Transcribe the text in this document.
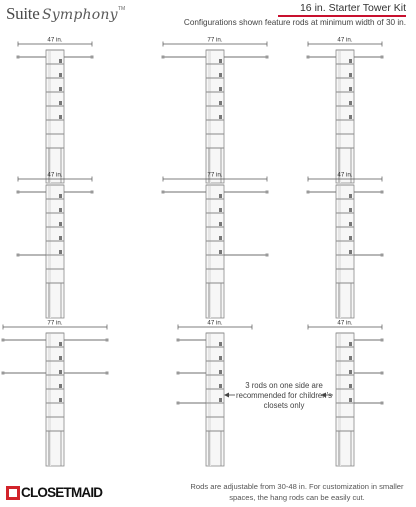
Suite Symphony TM	16 in. Starter Tower Kit
Configurations shown feature rods at minimum width of 30 in.
47 in.	77 in.	47 in.
47 in.	77 in.	47 in.
77 in.	47 in.	47 in.
3 rods on one side are recommended for children's closets only
CLOSETMAID	Rods are adjustable from 30-48 in. For customization in smaller spaces, the hang rods can be easily cut.
